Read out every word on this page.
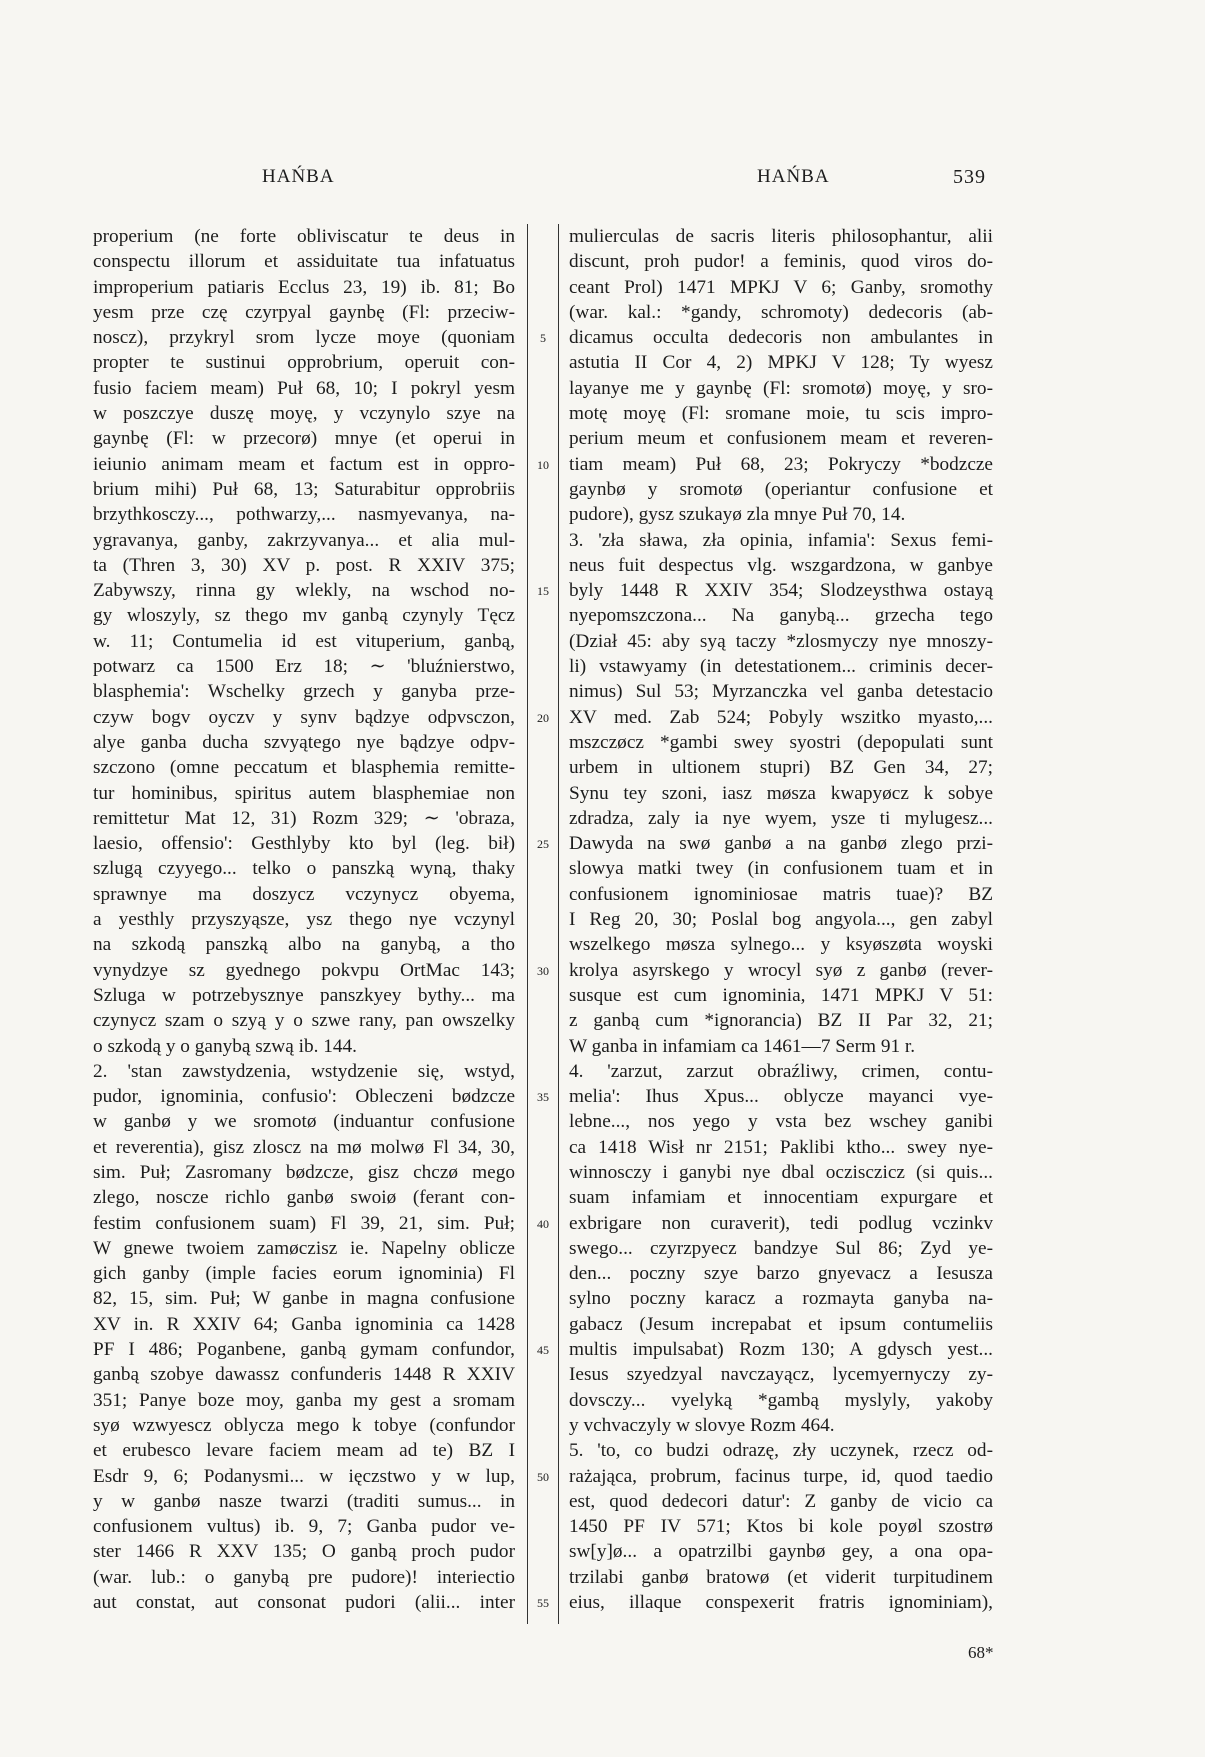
HAŃBA	HAŃBA	539
properium (ne forte obliviscatur te deus in
conspectu illorum et assiduitate tua infatuatus
improperium patiaris Ecclus 23, 19) ib. 81; Bo
yesm prze czę czyrpyal gaynbę (Fl: przeciw-
noscz), przykryl srom lycze moye (quoniam
propter te sustinui opprobrium, operuit con-
fusio faciem meam) Puł 68, 10; I pokryl yesm
w poszczye duszę moyę, y vczynylo szye na
gaynbę (Fl: w przecorø) mnye (et operui in
ieiunio animam meam et factum est in oppro-
brium mihi) Puł 68, 13; Saturabitur opprobriis
brzythkosczy..., pothwarzy,... nasmyevanya, na-
ygravanya, ganby, zakrzyvanya... et alia mul-
ta (Thren 3, 30) XV p. post. R XXIV 375;
Zabywszy, rinna gy wlekly, na wschod no-
gy wloszyly, sz thego mv ganbą czynyly Tęcz
w. 11; Contumelia id est vituperium, ganbą,
potwarz ca 1500 Erz 18; ∼ 'bluźnierstwo,
blasphemia': Wschelky grzech y ganyba prze-
czyw bogv oyczv y synv bądzye odpvsczon,
alye ganba ducha szvyątego nye bądzye odpv-
szczono (omne peccatum et blasphemia remitte-
tur hominibus, spiritus autem blasphemiae non
remittetur Mat 12, 31) Rozm 329; ∼ 'obraza,
laesio, offensio': Gesthlyby kto byl (leg. bił)
szlugą czyyego... telko o panszką wyną, thaky
sprawnye ma doszycz vczynycz obyema,
a yesthly przyszyąsze, ysz thego nye vczynyl
na szkodą panszką albo na ganybą, a tho
vynydzye sz gyednego pokvpu OrtMac 143;
Szluga w potrzebysznye panszkyey bythy... ma
czynycz szam o szyą y o szwe rany, pan owszelky
o szkodą y o ganybą szwą ib. 144.
2. 'stan zawstydzenia, wstydzenie się, wstyd,
pudor, ignominia, confusio': Obleczeni bødzcze
w ganbø y we sromotø (induantur confusione
et reverentia), gisz zloscz na mø molwø Fl 34, 30,
sim. Puł; Zasromany bødzcze, gisz chczø mego
zlego, noscze richlo ganbø swoiø (ferant con-
festim confusionem suam) Fl 39, 21, sim. Puł;
W gnewe twoiem zamøczisz ie. Napelny oblicze
gich ganby (imple facies eorum ignominia) Fl
82, 15, sim. Puł; W ganbe in magna confusione
XV in. R XXIV 64; Ganba ignominia ca 1428
PF I 486; Poganbene, ganbą gymam confundor,
ganbą szobye dawassz confunderis 1448 R XXIV
351; Panye boze moy, ganba my gest a sromam
syø wzwyescz oblycza mego k tobye (confundor
et erubesco levare faciem meam ad te) BZ I
Esdr 9, 6; Podanysmi... w ięczstwo y w lup,
y w ganbø nasze twarzi (traditi sumus... in
confusionem vultus) ib. 9, 7; Ganba pudor ve-
ster 1466 R XXV 135; O ganbą proch pudor
(war. lub.: o ganybą pre pudore)! interiectio
aut constat, aut consonat pudori (alii... inter
5
10
15
20
25
30
35
40
45
50
55
mulierculas de sacris literis philosophantur, alii
discunt, proh pudor! a feminis, quod viros do-
ceant Prol) 1471 MPKJ V 6; Ganby, sromothy
(war. kal.: *gandy, schromoty) dedecoris (ab-
dicamus occulta dedecoris non ambulantes in
astutia II Cor 4, 2) MPKJ V 128; Ty wyesz
layanye me y gaynbę (Fl: sromotø) moyę, y sro-
motę moyę (Fl: sromane moie, tu scis impro-
perium meum et confusionem meam et reveren-
tiam meam) Puł 68, 23; Pokryczy *bodzcze
gaynbø y sromotø (operiantur confusione et
pudore), gysz szukayø zla mnye Puł 70, 14.
3. 'zła sława, zła opinia, infamia': Sexus femi-
neus fuit despectus vlg. wszgardzona, w ganbye
byly 1448 R XXIV 354; Slodzeysthwa ostayą
nyepomszczona... Na ganybą... grzecha tego
(Dział 45: aby syą taczy *zlosmyczy nye mnoszy-
li) vstawyamy (in detestationem... criminis decer-
nimus) Sul 53; Myrzanczka vel ganba detestacio
XV med. Zab 524; Pobyly wszitko myasto,...
mszczøcz *gambi swey syostri (depopulati sunt
urbem in ultionem stupri) BZ Gen 34, 27;
Synu tey szoni, iasz møsza kwapyøcz k sobye
zdradza, zaly ia nye wyem, ysze ti mylugesz...
Dawyda na swø ganbø a na ganbø zlego przi-
slowya matki twey (in confusionem tuam et in
confusionem ignominiosae matris tuae)? BZ
I Reg 20, 30; Poslal bog angyola..., gen zabyl
wszelkego møsza sylnego... y ksyøszøta woyski
krolya asyrskego y wrocyl syø z ganbø (rever-
susque est cum ignominia, 1471 MPKJ V 51:
z ganbą cum *ignorancia) BZ II Par 32, 21;
W ganba in infamiam ca 1461—7 Serm 91 r.
4. 'zarzut, zarzut obraźliwy, crimen, contu-
melia': Ihus Xpus... oblycze mayanci vye-
lebne..., nos yego y vsta bez wschey ganibi
ca 1418 Wisł nr 2151; Paklibi ktho... swey nye-
winnosczy i ganybi nye dbal oczisczicz (si quis...
suam infamiam et innocentiam expurgare et
exbrigare non curaverit), tedi podlug vczinkv
swego... czyrzpyecz bandzye Sul 86; Zyd ye-
den... poczny szye barzo gnyevacz a Iesusza
sylno poczny karacz a rozmayta ganyba na-
gabacz (Jesum increpabat et ipsum contumeliis
multis impulsabat) Rozm 130; A gdysch yest...
Iesus szyedzyal navczayącz, lycemyernyczy zy-
dovsczy... vyelyką *gambą myslyly, yakoby
y vchvaczyly w slovye Rozm 464.
5. 'to, co budzi odrazę, zły uczynek, rzecz od-
rażająca, probrum, facinus turpe, id, quod taedio
est, quod dedecori datur': Z ganby de vicio ca
1450 PF IV 571; Ktos bi kole poyøl szostrø
sw[y]ø... a opatrzilbi gaynbø gey, a ona opa-
trzilabi ganbø bratowø (et viderit turpitudinem
eius, illaque conspexerit fratris ignominiam),
68*
